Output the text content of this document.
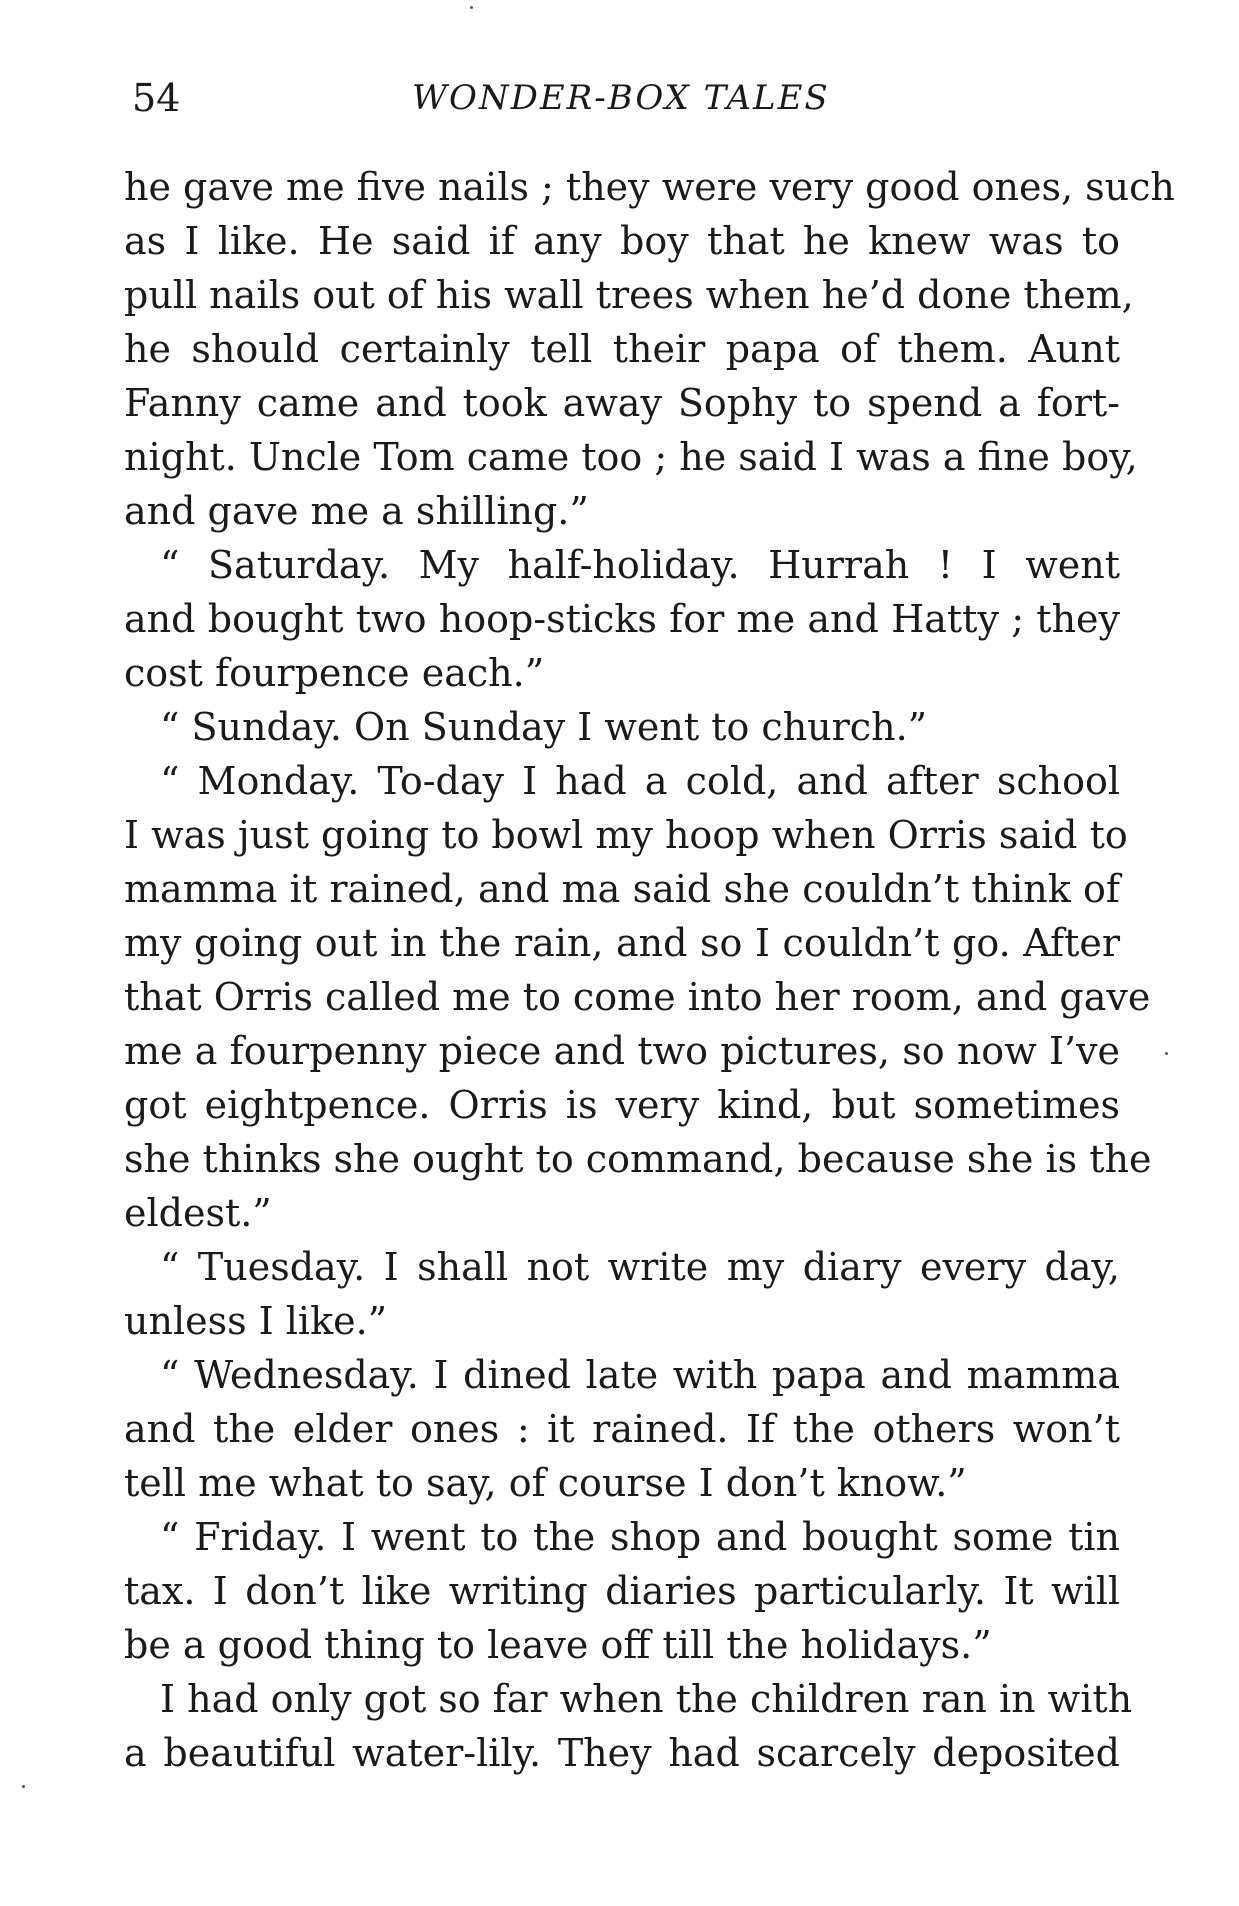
54	WONDER-BOX TALES
he gave me five nails ; they were very good ones, such
as I like. He said if any boy that he knew was to
pull nails out of his wall trees when he’d done them,
he should certainly tell their papa of them. Aunt
Fanny came and took away Sophy to spend a fort-
night. Uncle Tom came too ; he said I was a fine boy,
and gave me a shilling.”
“ Saturday. My half-holiday. Hurrah ! I went
and bought two hoop-sticks for me and Hatty ; they
cost fourpence each.”
“ Sunday. On Sunday I went to church.”
“ Monday. To-day I had a cold, and after school
I was just going to bowl my hoop when Orris said to
mamma it rained, and ma said she couldn’t think of
my going out in the rain, and so I couldn’t go. After
that Orris called me to come into her room, and gave
me a fourpenny piece and two pictures, so now I’ve
got eightpence. Orris is very kind, but sometimes
she thinks she ought to command, because she is the
eldest.”
“ Tuesday. I shall not write my diary every day,
unless I like.”
“ Wednesday. I dined late with papa and mamma
and the elder ones : it rained. If the others won’t
tell me what to say, of course I don’t know.”
“ Friday. I went to the shop and bought some tin
tax. I don’t like writing diaries particularly. It will
be a good thing to leave off till the holidays.”
I had only got so far when the children ran in with
a beautiful water-lily. They had scarcely deposited
